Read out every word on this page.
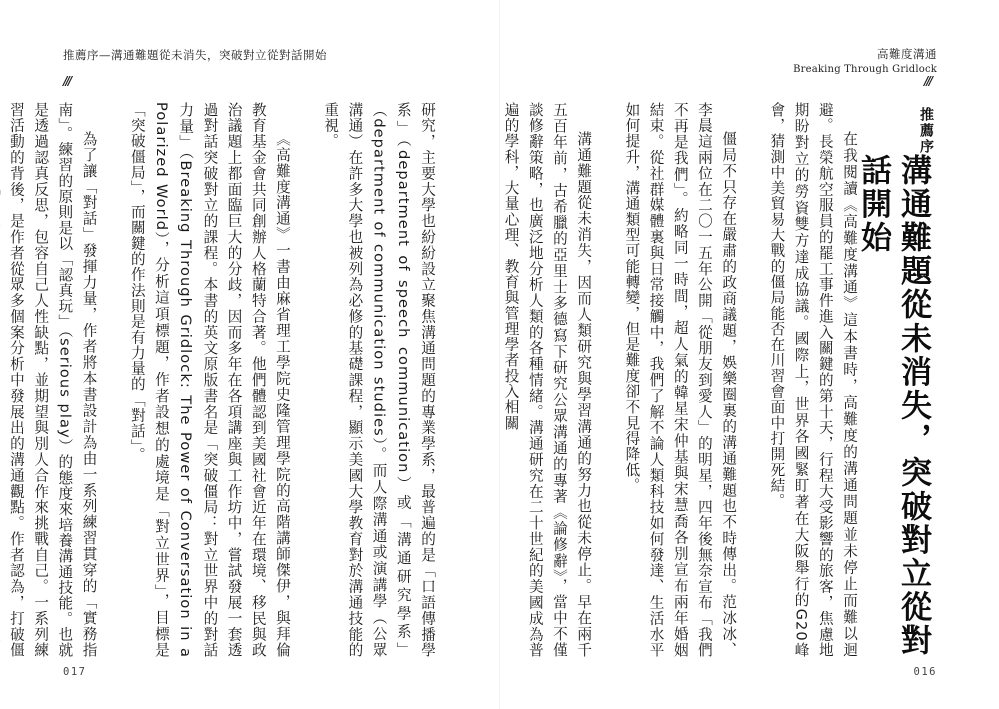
推薦序—溝通難題從未消失，突破對立從對話開始	高難度溝通
Breaking Through Gridlock
///	///
推薦序
溝通難題從未消失，突破對立從對話開始

在我閱讀《高難度溝通》這本書時，高難度的溝通問題並未停止而難以迴避。長榮航空服員的罷工事件進入關鍵的第十天，行程大受影響的旅客，焦慮地期盼對立的勞資雙方達成協議。國際上，世界各國緊盯著在大阪舉行的G20峰會，猜測中美貿易大戰的僵局能否在川習會面中打開死結。

僵局不只存在嚴肅的政商議題，娛樂圈裏的溝通難題也不時傳出。范冰冰、李晨這兩位在二〇一五年公開「從朋友到愛人」的明星，四年後無奈宣布「我們不再是我們」。約略同一時間，超人氣的韓星宋仲基與宋慧喬各別宣布兩年婚姻結束。從社群媒體裏與日常接觸中，我們了解不論人類科技如何發達、生活水平如何提升，溝通類型可能轉變，但是難度卻不見得降低。

溝通難題從未消失，因而人類研究與學習溝通的努力也從未停止。早在兩千五百年前，古希臘的亞里士多德寫下研究公眾溝通的專著《論修辭》，當中不僅談修辭策略，也廣泛地分析人類的各種情緒。溝通研究在二十世紀的美國成為普遍的學科，大量心理、教育與管理學者投入相關

研究，主要大學也紛紛設立聚焦溝通問題的專業學系，最普遍的是「口語傳播學系」（department of speech communication）或「溝通研究學系」（department of communication studies）。而人際溝通或演講學（公眾溝通）在許多大學也被列為必修的基礎課程，顯示美國大學教育對於溝通技能的重視。

《高難度溝通》一書由麻省理工學院史隆管理學院的高階講師傑伊，與拜倫教育基金會共同創辦人格蘭特合著。他們體認到美國社會近年在環境、移民與政治議題上都面臨巨大的分歧，因而多年在各項講座與工作坊中，嘗試發展一套透過對話突破對立的課程。本書的英文原版書名是「突破僵局：對立世界中的對話力量」（Breaking Through Gridlock: The Power of Conversation in a Polarized World），分析這項標題，作者設想的處境是「對立世界」，目標是「突破僵局」，而關鍵的作法則是有力量的「對話」。

為了讓「對話」發揮力量，作者將本書設計為由一系列練習貫穿的「實務指南」。練習的原則是以「認真玩」（serious play）的態度來培養溝通技能。也就是透過認真反思，包容自己人性缺點，並期望與別人合作來挑戰自己。一系列練習活動的背後，是作者從眾多個案分析中發展出的溝通觀點。作者認為，打破僵

017	016
